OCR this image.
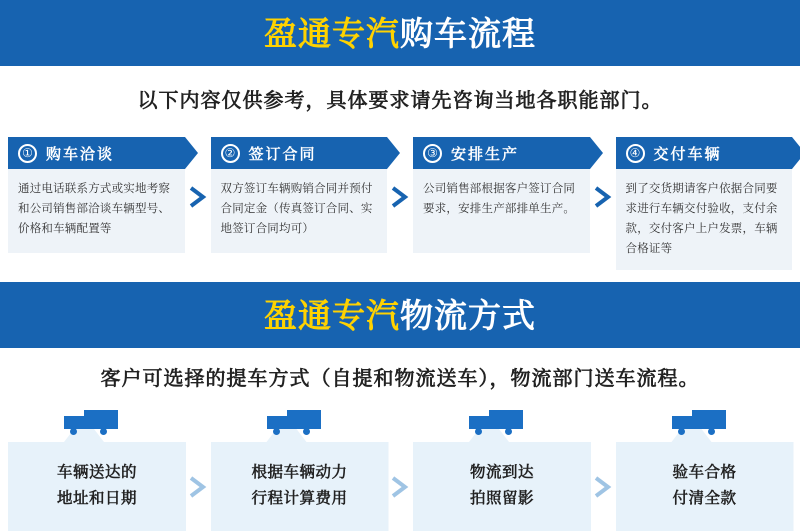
盈通专汽购车流程
以下内容仅供参考，具体要求请先咨询当地各职能部门。
① 购车洽谈
通过电话联系方式或实地考察和公司销售部洽谈车辆型号、价格和车辆配置等
② 签订合同
双方签订车辆购销合同并预付合同定金（传真签订合同、实地签订合同均可）
③ 安排生产
公司销售部根据客户签订合同要求，安排生产部排单生产。
④ 交付车辆
到了交货期请客户依据合同要求进行车辆交付验收，支付余款，交付客户上户发票，车辆合格证等
盈通专汽物流方式
客户可选择的提车方式（自提和物流送车），物流部门送车流程。
车辆送达的
地址和日期
根据车辆动力
行程计算费用
物流到达
拍照留影
验车合格
付清全款
